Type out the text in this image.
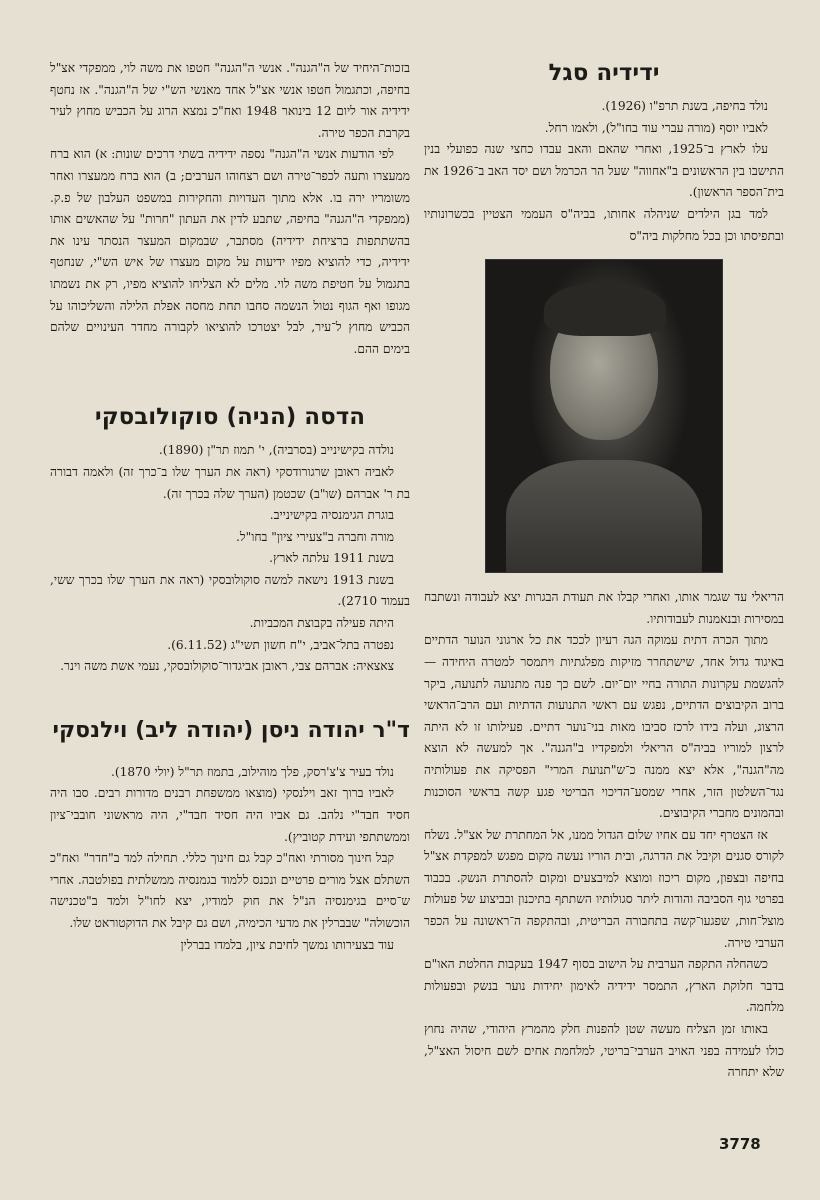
ידידיה סגל

נולד בחיפה, בשנת תרפ"ו (1926).

לאביו יוסף (מורה עברי עוד בחו"ל), ולאמו רחל.

עלו לארץ ב־1925, ואחרי שהאם והאב עבדו כחצי שנה כפועלי בנין התישבו בין הראשונים ב"אחווה" שעל הר הכרמל ושם יסד האב ב־1926 את בית־הספר הראשון).

למד בגן הילדים שניהלה אחותו, בביה"ס העממי הצטיין בכשרונותיו ובתפיסתו וכן בכל מחלקות ביה"ס

הריאלי עד שגמר אותו, ואחרי קבלו את תעודת הבגרות יצא לעבודה ונשתבח במסירות ובנאמנות לעבודותיו.

מתוך הכרה דתית עמוקה הגה רעיון לככד את כל ארגוני הנוער הדתיים באיגוד גדול אחד, שישתחרר מזיקות מפלגתיות ויתמסר למטרה היחידה — להגשמת עקרונות התורה בחיי יום־יום. לשם כך פנה מתנועה לתנועה, ביקר ברוב הקיבוצים הדתיים, נפגש עם ראשי התנועות הדתיות ועם הרב־הראשי הרצוג, ועלה בידו לרכז סביבו מאות בני־נוער דתיים. פעילותו זו לא היתה לרצון למוריו בביה"ס הריאלי ולמפקדיו ב"הגנה". אך למעשה לא הוצא מה"הגנה", אלא יצא ממנה כ־ש"תנועת המרי" הפסיקה את פעולותיה נגד־השלטון הזר, אחרי שמסע־הדיכוי הבריטי פגע קשה בראשי הסוכנות ובהמונים מחברי הקיבוצים.

אז הצטרף יחד עם אחיו שלום הגדול ממנו, אל המחתרת של אצ"ל. נשלח לקורס סגנים וקיבל את הדרגה, ובית הוריו נעשה מקום מפגש למפקדת אצ"ל בחיפה ובצפון, מקום ריכוז ומוצא למיבצעים ומקום להסתרת הנשק. בכבוד בפרטי גוף הסביבה והודות ליתר סגולותיו השתתף בתיכנון ובביצוע של פעולות מוצל־חות, שפגעו־קשה בתחבורה הבריטית, ובהתקפה ה־ראשונה על הכפר הערבי טירה.

כשהחלה התקפה הערבית על הישוב בסוף 1947 בעקבות החלטת האו"ם בדבר חלוקת הארץ, התמסר ידידיה לאימון יחידות נוער בנשק ובפעולות מלחמה.

באותו זמן הצליח מעשה שטן להפנות חלק מהמרץ היהודי, שהיה נחוץ כולו לעמידה בפני האויב הערבי־בריטי, למלחמת אחים לשם חיסול האצ"ל, שלא יתחרה

בזכות־היחיד של ה"הגנה". אנשי ה"הגנה" חטפו את משה לוי, ממפקדי אצ"ל בחיפה, וכתגמול חטפו אנשי אצ"ל אחד מאנשי הש"י של ה"הגנה". אז נחטף ידידיה אור ליום 12 בינואר 1948 ואח"כ נמצא הרוג על הכביש מחוץ לעיר בקרבת הכפר טירה.

לפי הודעות אנשי ה"הגנה" נספה ידידיה בשתי דרכים שונות: א) הוא ברח ממעצרו ותעה לכפר־טירה ושם רצחוהו הערבים; ב) הוא ברח ממעצרו ואחר משומריו ירה בו. אלא מתוך העדויות והחקירות במשפט העלבון של פ.ק. (ממפקדי ה"הגנה" בחיפה, שתבע לדין את העתון "חרות" על שהאשים אותו בהשתתפות ברציחת ידידיה) מסתבר, שבמקום המעצר הנסתר עינו את ידידיה, כדי להוציא מפיו ידיעות על מקום מעצרו של איש הש"י, שנחטף בתגמול על חטיפת משה לוי. מלים לא הצליחו להוציא מפיו, רק את נשמתו מגופו ואף הגוף נטול הנשמה סחבו תחת מחסה אפלת הלילה והשליכוהו על הכביש מחוץ ל־עיר, לבל יצטרכו להוציאו לקבורה מחדר העינויים שלהם בימים ההם.

הדסה (הניה) סוקולובסקי

נולדה בקישינייב (בסרביה), י' תמוז תר"ן (1890).

לאביה ראובן שרגורודסקי (ראה את הערך שלו ב־כרך זה) ולאמה דבורה בת ר' אברהם (שו"ב) שכטמן (הערך שלה בכרך זה).

בוגרת הגימנסיה בקישינייב.

מורה וחברה ב"צעירי ציון" בחו"ל.

בשנת 1911 עלתה לארץ.

בשנת 1913 נישאה למשה סוקולובסקי (ראה את הערך שלו בכרך ששי, בעמוד 2710).

היתה פעילה בקבוצת המכביות.

נפטרה בתל־אביב, י"ח חשון תשי"ג (6.11.52).

צאצאיה: אברהם צבי, ראובן אביגדור־סוקולובסקי, נעמי אשת משה וינר.

ד"ר יהודה ניסן (יהודה ליב) וילנסקי

נולד בעיר צ'צ'רסק, פלך מוהילוב, בתמוז תר"ל (יולי 1870).

לאביו ברוך זאב וילנסקי (מוצאו ממשפחת רבנים מדורות רבים. סבו היה חסיד חבד"י נלהב. גם אביו היה חסיד חבד"י, היה מראשוני חובבי־ציון וממשתתפי ועידת קטוביץ).

קבל חינוך מסורתי ואח"כ קבל גם חינוך כללי. תחילה למד ב"חדר" ואח"כ השתלם אצל מורים פרטיים ונכנס ללמוד בגמנסיה ממשלתית בפולטבה. אחרי ש־סיים בגימנסיה הנ"ל את חוק למודיו, יצא לחו"ל ולמד ב"טכנישה הוכשולה" שבברלין את מדעי הכימיה, ושם גם קיבל את הדוקטוראט שלו.

עוד בצעירותו נמשך לחיבת ציון, בלמדו בברלין

3778
